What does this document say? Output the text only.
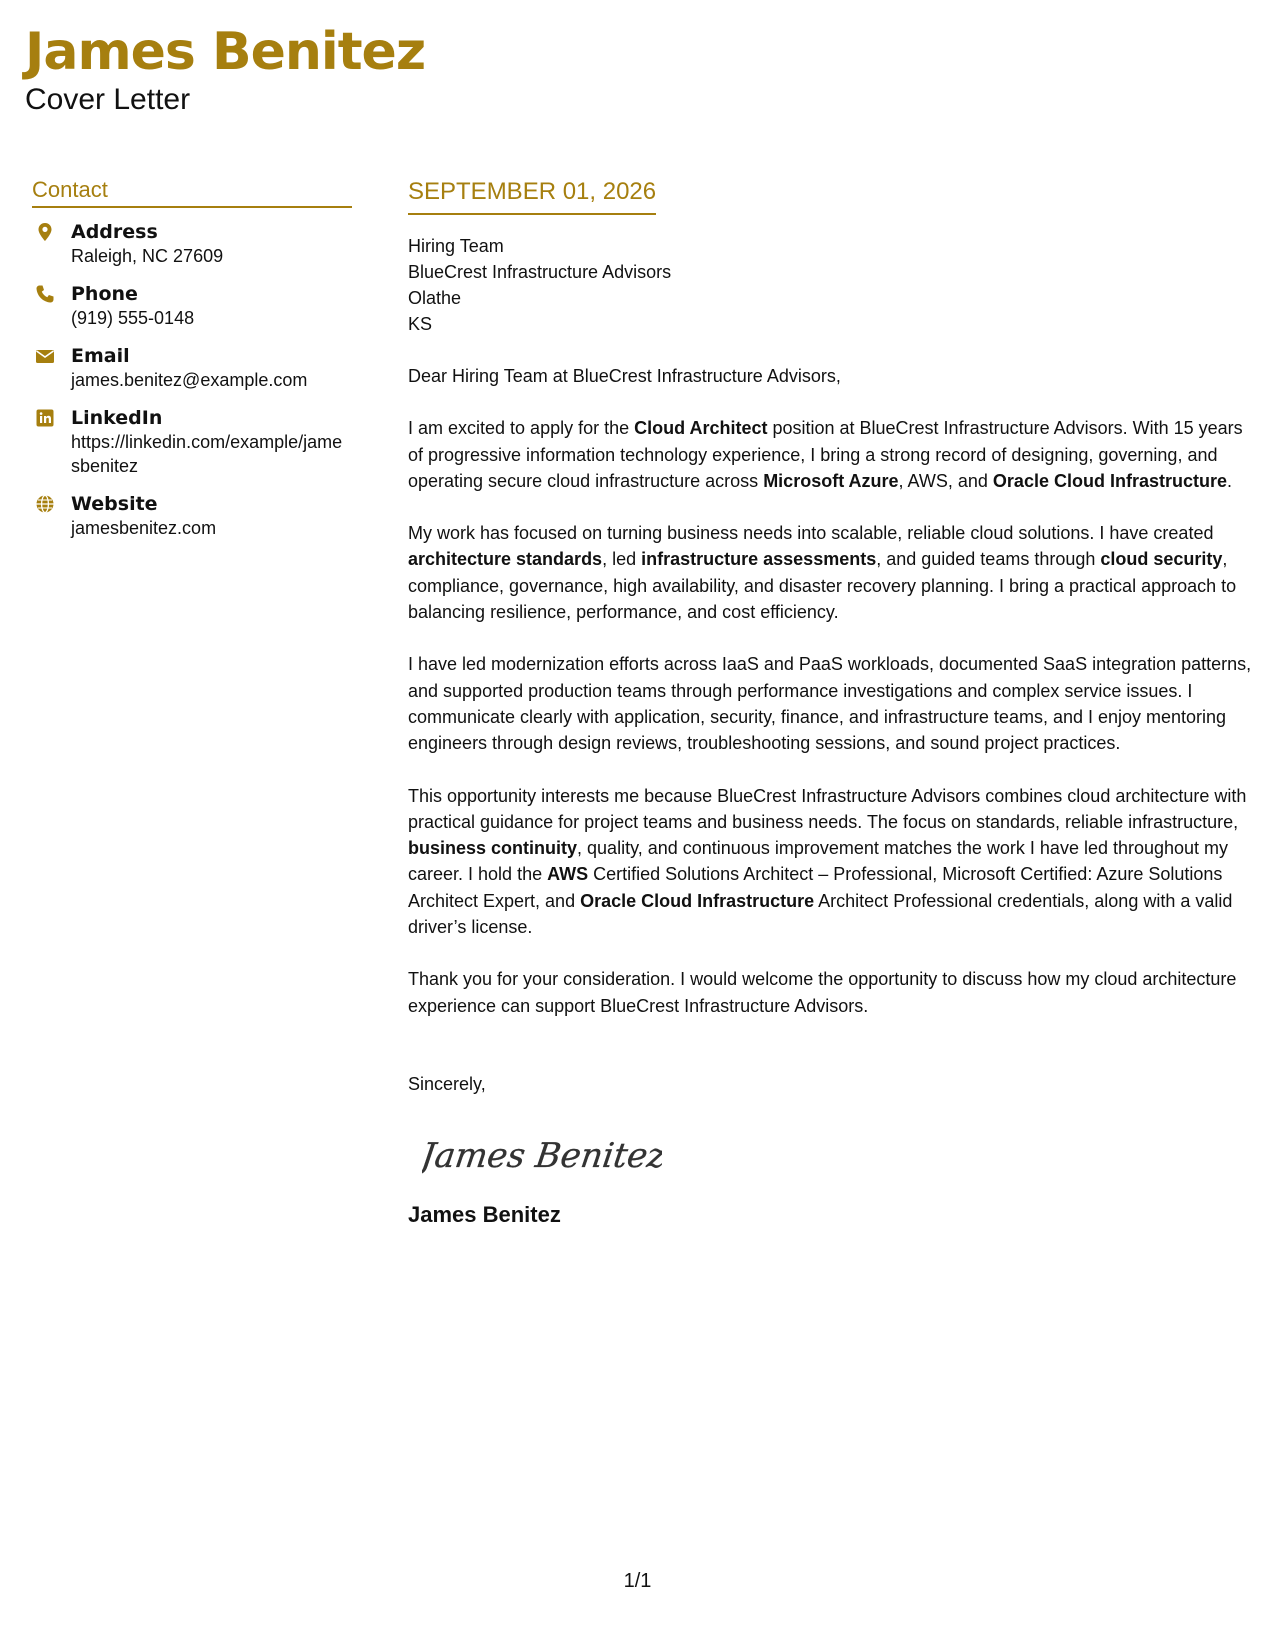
James Benitez
Cover Letter
Contact
Address
Raleigh, NC 27609
Phone
(919) 555-0148
Email
james.benitez@example.com
LinkedIn
https://linkedin.com/example/jamesbenitez
Website
jamesbenitez.com
SEPTEMBER 01, 2026
Hiring Team
BlueCrest Infrastructure Advisors
Olathe
KS

Dear Hiring Team at BlueCrest Infrastructure Advisors,

I am excited to apply for the Cloud Architect position at BlueCrest Infrastructure Advisors. With 15 years of progressive information technology experience, I bring a strong record of designing, governing, and operating secure cloud infrastructure across Microsoft Azure, AWS, and Oracle Cloud Infrastructure.

My work has focused on turning business needs into scalable, reliable cloud solutions. I have created architecture standards, led infrastructure assessments, and guided teams through cloud security, compliance, governance, high availability, and disaster recovery planning. I bring a practical approach to balancing resilience, performance, and cost efficiency.

I have led modernization efforts across IaaS and PaaS workloads, documented SaaS integration patterns, and supported production teams through performance investigations and complex service issues. I communicate clearly with application, security, finance, and infrastructure teams, and I enjoy mentoring engineers through design reviews, troubleshooting sessions, and sound project practices.

This opportunity interests me because BlueCrest Infrastructure Advisors combines cloud architecture with practical guidance for project teams and business needs. The focus on standards, reliable infrastructure, business continuity, quality, and continuous improvement matches the work I have led throughout my career. I hold the AWS Certified Solutions Architect – Professional, Microsoft Certified: Azure Solutions Architect Expert, and Oracle Cloud Infrastructure Architect Professional credentials, along with a valid driver’s license.

Thank you for your consideration. I would welcome the opportunity to discuss how my cloud architecture experience can support BlueCrest Infrastructure Advisors.

Sincerely,
James Benitez
James Benitez
1/1
